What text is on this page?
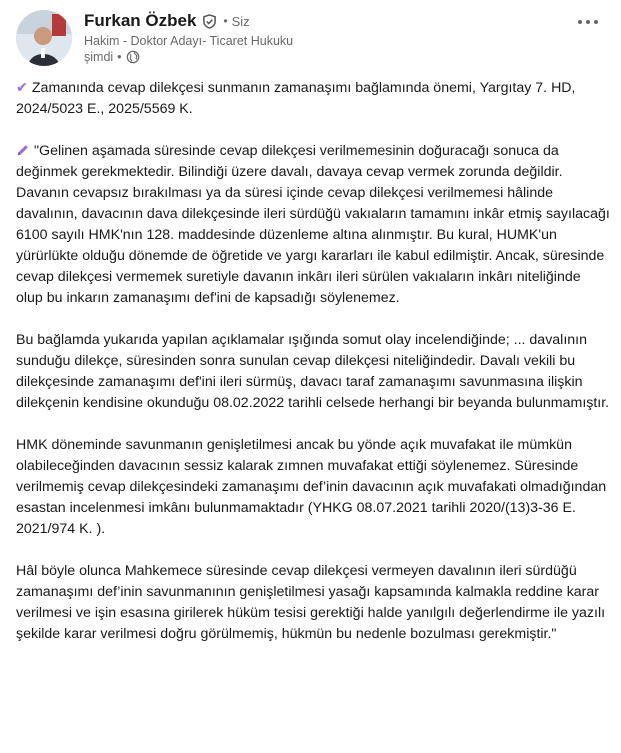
Furkan Özbek • Siz
Hakim - Doktor Adayı- Ticaret Hukuku
şimdi •

✔ Zamanında cevap dilekçesi sunmanın zamanaşımı bağlamında önemi, Yargıtay 7. HD, 2024/5023 E., 2025/5569 K.

"Gelinen aşamada süresinde cevap dilekçesi verilmemesinin doğuracağı sonuca da değinmek gerekmektedir. Bilindiği üzere davalı, davaya cevap vermek zorunda değildir. Davanın cevapsız bırakılması ya da süresi içinde cevap dilekçesi verilmemesi hâlinde davalının, davacının dava dilekçesinde ileri sürdüğü vakıaların tamamını inkâr etmiş sayılacağı 6100 sayılı HMK'nın 128. maddesinde düzenleme altına alınmıştır. Bu kural, HUMK'un yürürlükte olduğu dönemde de öğretide ve yargı kararları ile kabul edilmiştir. Ancak, süresinde cevap dilekçesi vermemek suretiyle davanın inkârı ileri sürülen vakıaların inkârı niteliğinde olup bu inkarın zamanaşımı def'ini de kapsadığı söylenemez.

Bu bağlamda yukarıda yapılan açıklamalar ışığında somut olay incelendiğinde; ... davalının sunduğu dilekçe, süresinden sonra sunulan cevap dilekçesi niteliğindedir. Davalı vekili bu dilekçesinde zamanaşımı def'ini ileri sürmüş, davacı taraf zamanaşımı savunmasına ilişkin dilekçenin kendisine okunduğu 08.02.2022 tarihli celsede herhangi bir beyanda bulunmamıştır.

HMK döneminde savunmanın genişletilmesi ancak bu yönde açık muvafakat ile mümkün olabileceğinden davacının sessiz kalarak zımnen muvafakat ettiği söylenemez. Süresinde verilmemiş cevap dilekçesindeki zamanaşımı def’inin davacının açık muvafakati olmadığından esastan incelenmesi imkânı bulunmamaktadır (YHKG 08.07.2021 tarihli 2020/(13)3-36 E. 2021/974 K. ).

Hâl böyle olunca Mahkemece süresinde cevap dilekçesi vermeyen davalının ileri sürdüğü zamanaşımı def’inin savunmanının genişletilmesi yasağı kapsamında kalmakla reddine karar verilmesi ve işin esasına girilerek hüküm tesisi gerektiği halde yanılgılı değerlendirme ile yazılı şekilde karar verilmesi doğru görülmemiş, hükmün bu nedenle bozulması gerekmiştir."
